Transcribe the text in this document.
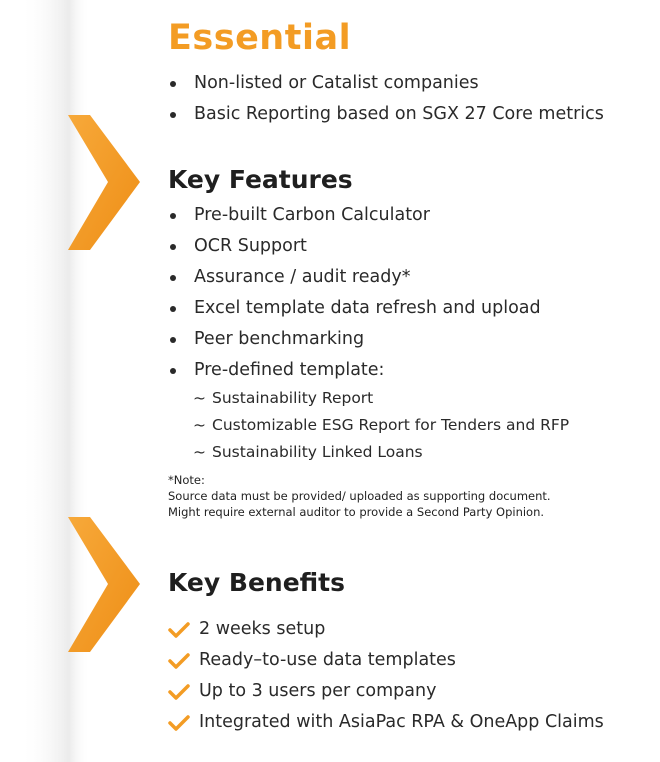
Essential
Non-listed or Catalist companies
Basic Reporting based on SGX 27 Core metrics
Key Features
Pre-built Carbon Calculator
OCR Support
Assurance / audit ready*
Excel template data refresh and upload
Peer benchmarking
Pre-defined template:
~ Sustainability Report
~ Customizable ESG Report for Tenders and RFP
~ Sustainability Linked Loans
*Note:
Source data must be provided/ uploaded as supporting document.
Might require external auditor to provide a Second Party Opinion.
Key Benefits
2 weeks setup
Ready–to-use data templates
Up to 3 users per company
Integrated with AsiaPac RPA & OneApp Claims
